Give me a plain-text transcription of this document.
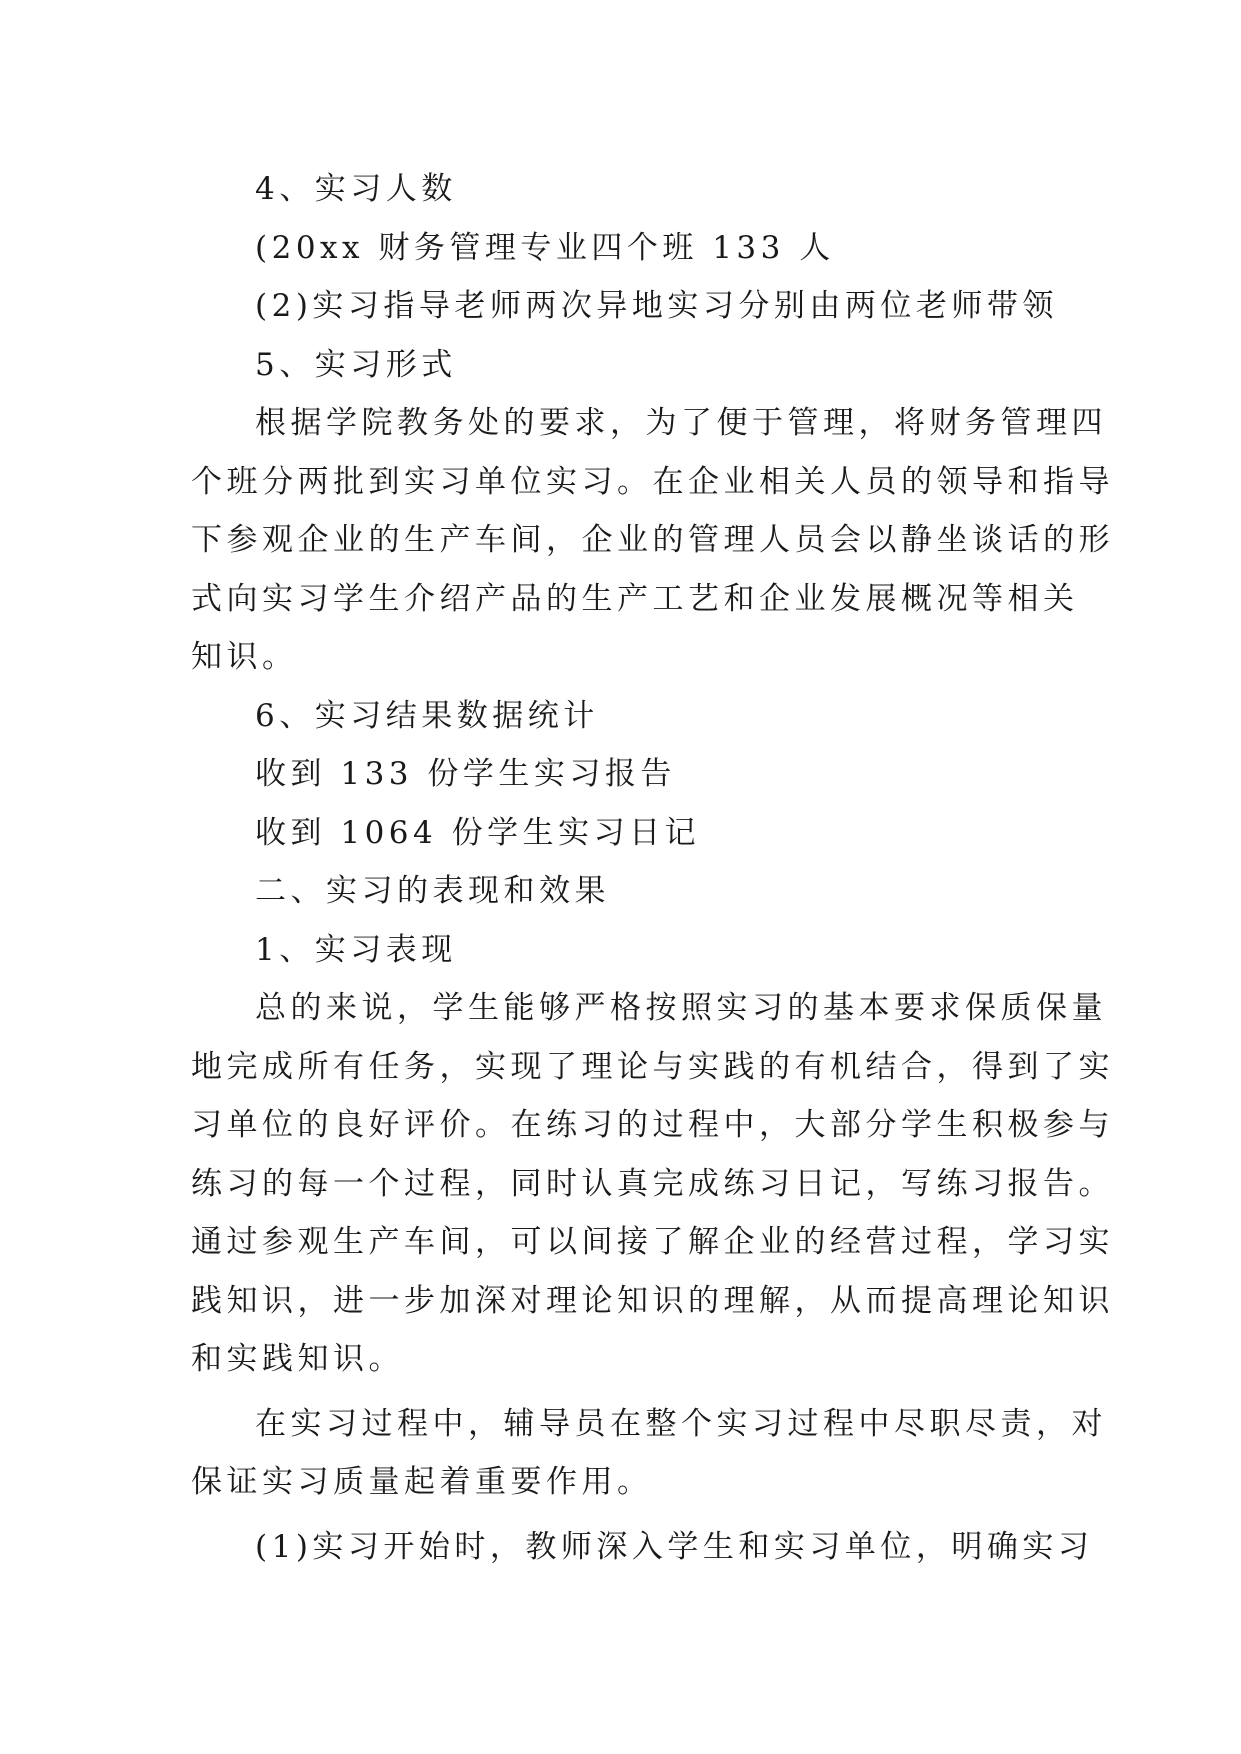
4、实习人数

(20xx 财务管理专业四个班 133 人

(2)实习指导老师两次异地实习分别由两位老师带领

5、实习形式

根据学院教务处的要求，为了便于管理，将财务管理四

个班分两批到实习单位实习。在企业相关人员的领导和指导

下参观企业的生产车间，企业的管理人员会以静坐谈话的形

式向实习学生介绍产品的生产工艺和企业发展概况等相关

知识。

6、实习结果数据统计

收到 133 份学生实习报告

收到 1064 份学生实习日记

二、实习的表现和效果

1、实习表现

总的来说，学生能够严格按照实习的基本要求保质保量

地完成所有任务，实现了理论与实践的有机结合，得到了实

习单位的良好评价。在练习的过程中，大部分学生积极参与

练习的每一个过程，同时认真完成练习日记，写练习报告。

通过参观生产车间，可以间接了解企业的经营过程，学习实

践知识，进一步加深对理论知识的理解，从而提高理论知识

和实践知识。

在实习过程中，辅导员在整个实习过程中尽职尽责，对

保证实习质量起着重要作用。

(1)实习开始时，教师深入学生和实习单位，明确实习
